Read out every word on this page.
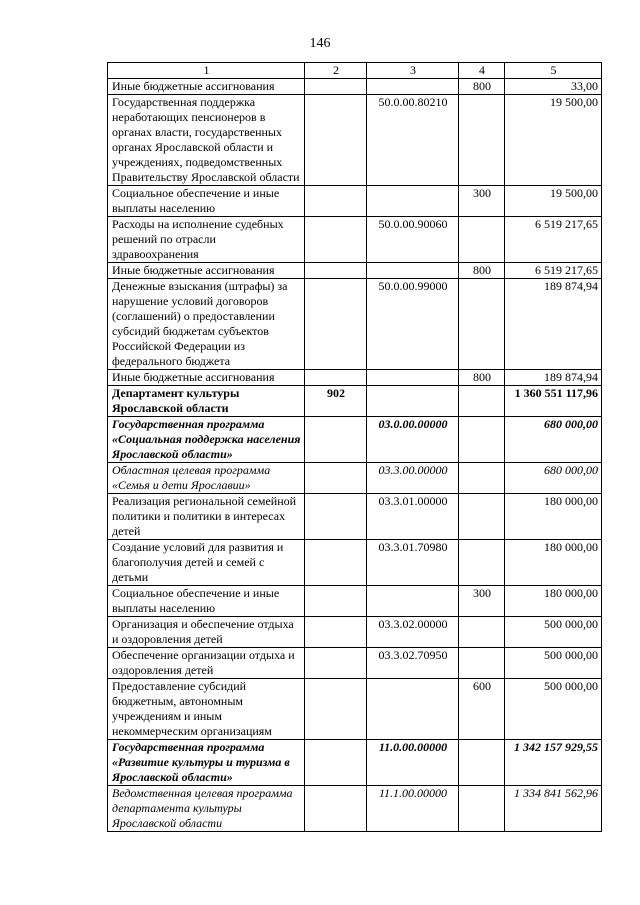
146
1	2	3	4	5
Иные бюджетные ассигнования			800	33,00
Государственная поддержка неработающих пенсионеров в органах власти, государственных органах Ярославской области и учреждениях, подведомственных Правительству Ярославской области		50.0.00.80210		19 500,00
Социальное обеспечение и иные выплаты населению			300	19 500,00
Расходы на исполнение судебных решений по отрасли здравоохранения		50.0.00.90060		6 519 217,65
Иные бюджетные ассигнования			800	6 519 217,65
Денежные взыскания (штрафы) за нарушение условий договоров (соглашений) о предоставлении субсидий бюджетам субъектов Российской Федерации из федерального бюджета		50.0.00.99000		189 874,94
Иные бюджетные ассигнования			800	189 874,94
Департамент культуры Ярославской области	902			1 360 551 117,96
Государственная программа «Социальная поддержка населения Ярославской области»		03.0.00.00000		680 000,00
Областная целевая программа «Семья и дети Ярославии»		03.3.00.00000		680 000,00
Реализация региональной семейной политики и политики в интересах детей		03.3.01.00000		180 000,00
Создание условий для развития и благополучия детей и семей с детьми		03.3.01.70980		180 000,00
Социальное обеспечение и иные выплаты населению			300	180 000,00
Организация и обеспечение отдыха и оздоровления детей		03.3.02.00000		500 000,00
Обеспечение организации отдыха и оздоровления детей		03.3.02.70950		500 000,00
Предоставление субсидий бюджетным, автономным учреждениям и иным некоммерческим организациям			600	500 000,00
Государственная программа «Развитие культуры и туризма в Ярославской области»		11.0.00.00000		1 342 157 929,55
Ведомственная целевая программа департамента культуры Ярославской области		11.1.00.00000		1 334 841 562,96
